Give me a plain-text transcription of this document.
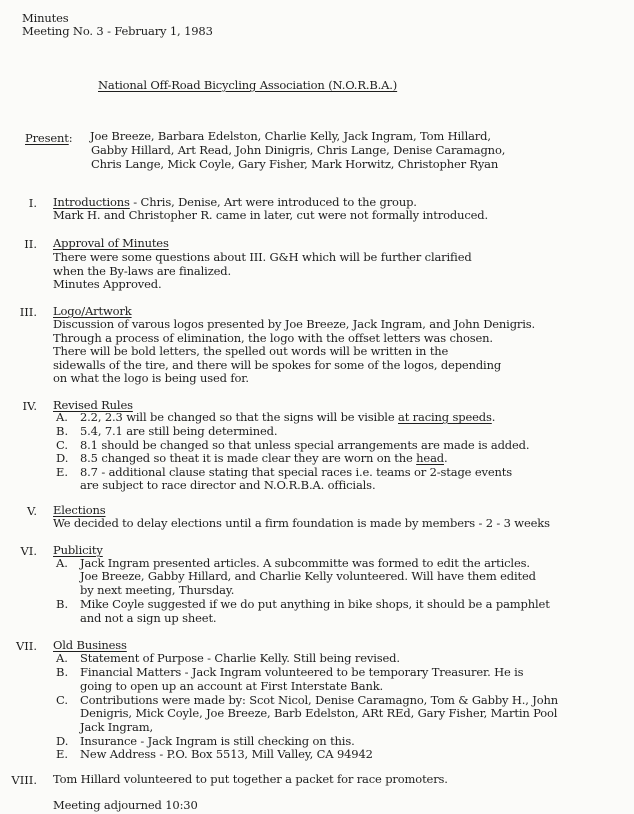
Minutes
Meeting No. 3 - February 1, 1983
National Off-Road Bicycling Association (N.O.R.B.A.)
Present: Joe Breeze, Barbara Edelston, Charlie Kelly, Jack Ingram, Tom Hillard,
Gabby Hillard, Art Read, John Dinigris, Chris Lange, Denise Caramagno,
Chris Lange, Mick Coyle, Gary Fisher, Mark Horwitz, Christopher Ryan
I. Introductions - Chris, Denise, Art were introduced to the group.
Mark H. and Christopher R. came in later, cut were not formally introduced.
II. Approval of Minutes
There were some questions about III. G&H which will be further clarified
when the By-laws are finalized.
Minutes Approved.
III. Logo/Artwork
Discussion of varous logos presented by Joe Breeze, Jack Ingram, and John Denigris.
Through a process of elimination, the logo with the offset letters was chosen.
There will be bold letters, the spelled out words will be written in the
sidewalls of the tire, and there will be spokes for some of the logos, depending
on what the logo is being used for.
IV. Revised Rules
A. 2.2, 2.3 will be changed so that the signs will be visible at racing speeds.
B. 5.4, 7.1 are still being determined.
C. 8.1 should be changed so that unless special arrangements are made is added.
D. 8.5 changed so theat it is made clear they are worn on the head.
E. 8.7 - additional clause stating that special races i.e. teams or 2-stage events
are subject to race director and N.O.R.B.A. officials.
V. Elections
We decided to delay elections until a firm foundation is made by members - 2 - 3 weeks
VI. Publicity
A. Jack Ingram presented articles. A subcommitte was formed to edit the articles.
Joe Breeze, Gabby Hillard, and Charlie Kelly volunteered. Will have them edited
by next meeting, Thursday.
B. Mike Coyle suggested if we do put anything in bike shops, it should be a pamphlet
and not a sign up sheet.
VII. Old Business
A. Statement of Purpose - Charlie Kelly. Still being revised.
B. Financial Matters - Jack Ingram volunteered to be temporary Treasurer. He is
going to open up an account at First Interstate Bank.
C. Contributions were made by: Scot Nicol, Denise Caramagno, Tom & Gabby H., John
Denigris, Mick Coyle, Joe Breeze, Barb Edelston, ARt REd, Gary Fisher, Martin Pool
Jack Ingram,
D. Insurance - Jack Ingram is still checking on this.
E. New Address - P.O. Box 5513, Mill Valley, CA 94942
VIII. Tom Hillard volunteered to put together a packet for race promoters.
Meeting adjourned 10:30
